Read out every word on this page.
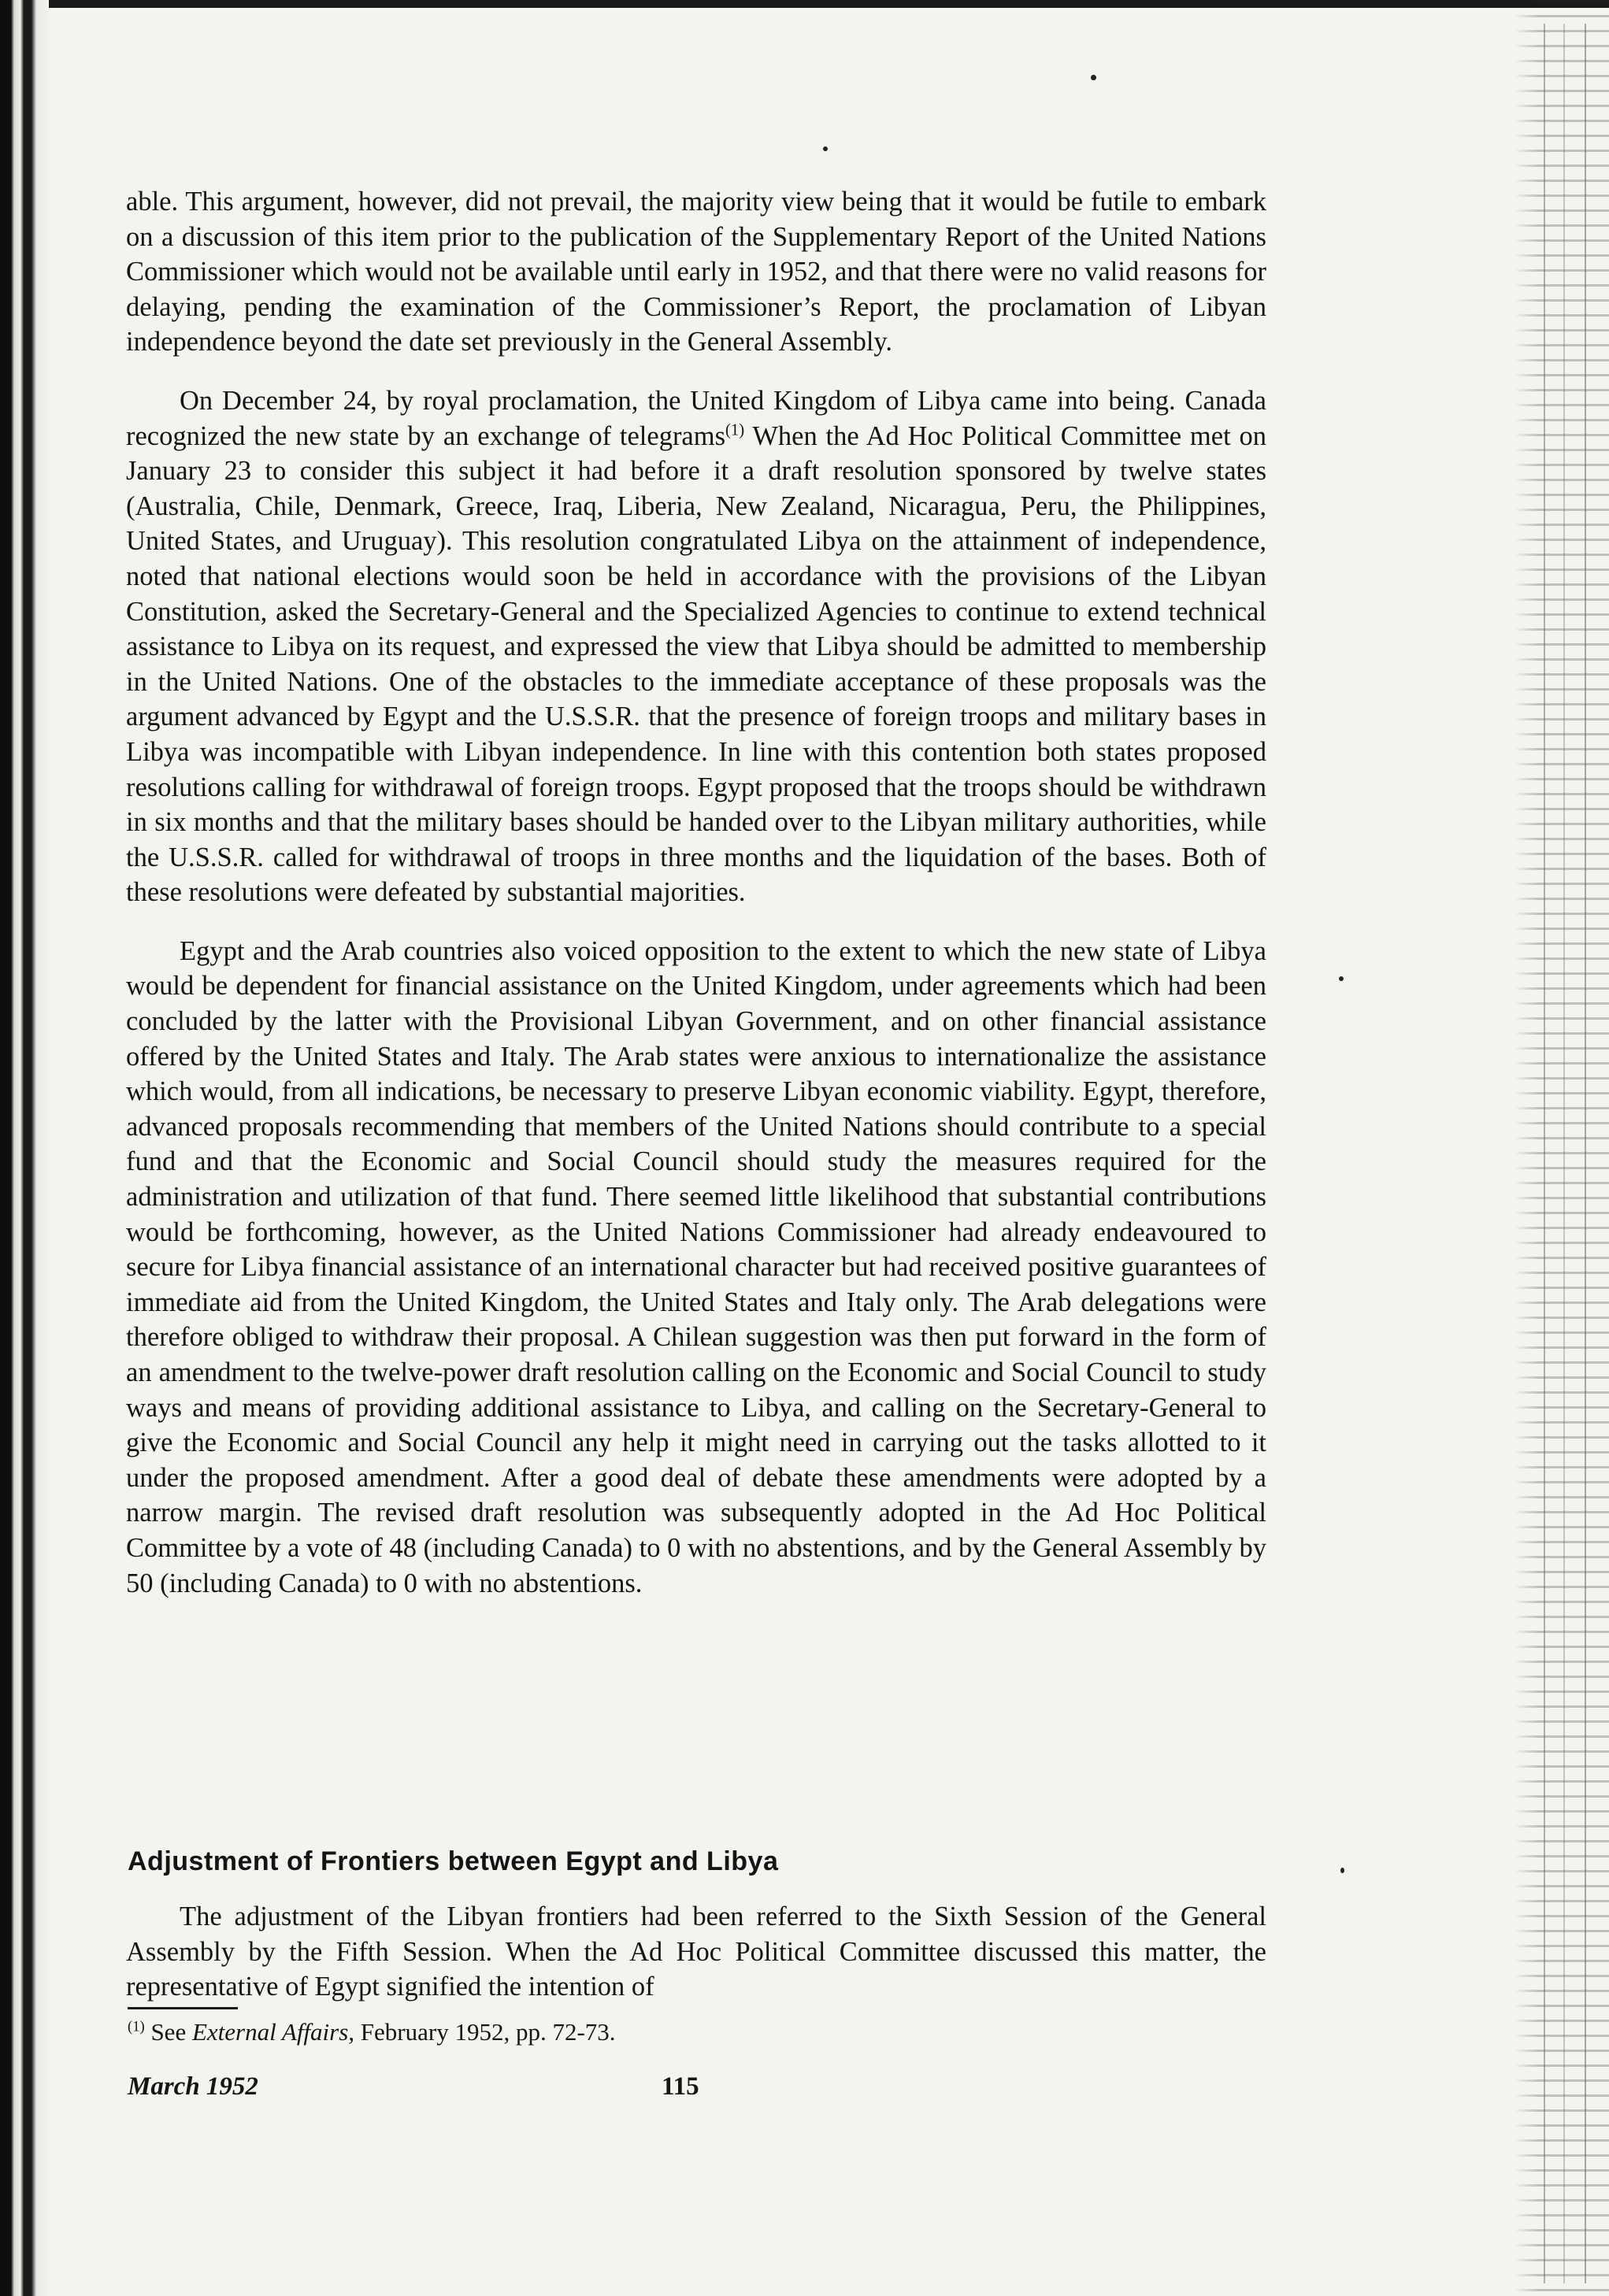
able. This argument, however, did not prevail, the majority view being that it would be futile to embark on a discussion of this item prior to the publication of the Supplementary Report of the United Nations Commissioner which would not be available until early in 1952, and that there were no valid reasons for delaying, pending the examination of the Commissioner’s Report, the proclamation of Libyan independence beyond the date set previously in the General Assembly.

On December 24, by royal proclamation, the United Kingdom of Libya came into being. Canada recognized the new state by an exchange of telegrams$^{(1)}$ When the Ad Hoc Political Committee met on January 23 to consider this subject it had before it a draft resolution sponsored by twelve states (Australia, Chile, Denmark, Greece, Iraq, Liberia, New Zealand, Nicaragua, Peru, the Philippines, United States, and Uruguay). This resolution congratulated Libya on the attainment of independence, noted that national elections would soon be held in accordance with the provisions of the Libyan Constitution, asked the Secretary-General and the Specialized Agencies to continue to extend technical assistance to Libya on its request, and expressed the view that Libya should be admitted to membership in the United Nations. One of the obstacles to the immediate acceptance of these proposals was the argument advanced by Egypt and the U.S.S.R. that the presence of foreign troops and military bases in Libya was incompatible with Libyan independence. In line with this contention both states proposed resolutions calling for withdrawal of foreign troops. Egypt proposed that the troops should be withdrawn in six months and that the military bases should be handed over to the Libyan military authorities, while the U.S.S.R. called for withdrawal of troops in three months and the liquidation of the bases. Both of these resolutions were defeated by substantial majorities.

Egypt and the Arab countries also voiced opposition to the extent to which the new state of Libya would be dependent for financial assistance on the United Kingdom, under agreements which had been concluded by the latter with the Provisional Libyan Government, and on other financial assistance offered by the United States and Italy. The Arab states were anxious to internationalize the assistance which would, from all indications, be necessary to preserve Libyan economic viability. Egypt, therefore, advanced proposals recommending that members of the United Nations should contribute to a special fund and that the Economic and Social Council should study the measures required for the administration and utilization of that fund. There seemed little likelihood that substantial contributions would be forthcoming, however, as the United Nations Commissioner had already endeavoured to secure for Libya financial assistance of an international character but had received positive guarantees of immediate aid from the United Kingdom, the United States and Italy only. The Arab delegations were therefore obliged to withdraw their proposal. A Chilean suggestion was then put forward in the form of an amendment to the twelve-power draft resolution calling on the Economic and Social Council to study ways and means of providing additional assistance to Libya, and calling on the Secretary-General to give the Economic and Social Council any help it might need in carrying out the tasks allotted to it under the proposed amendment. After a good deal of debate these amendments were adopted by a narrow margin. The revised draft resolution was subsequently adopted in the Ad Hoc Political Committee by a vote of 48 (including Canada) to 0 with no abstentions, and by the General Assembly by 50 (including Canada) to 0 with no abstentions.

Adjustment of Frontiers between Egypt and Libya

The adjustment of the Libyan frontiers had been referred to the Sixth Session of the General Assembly by the Fifth Session. When the Ad Hoc Political Committee discussed this matter, the representative of Egypt signified the intention of

$^{(1)}$ See External Affairs, February 1952, pp. 72-73.
March 1952	115
